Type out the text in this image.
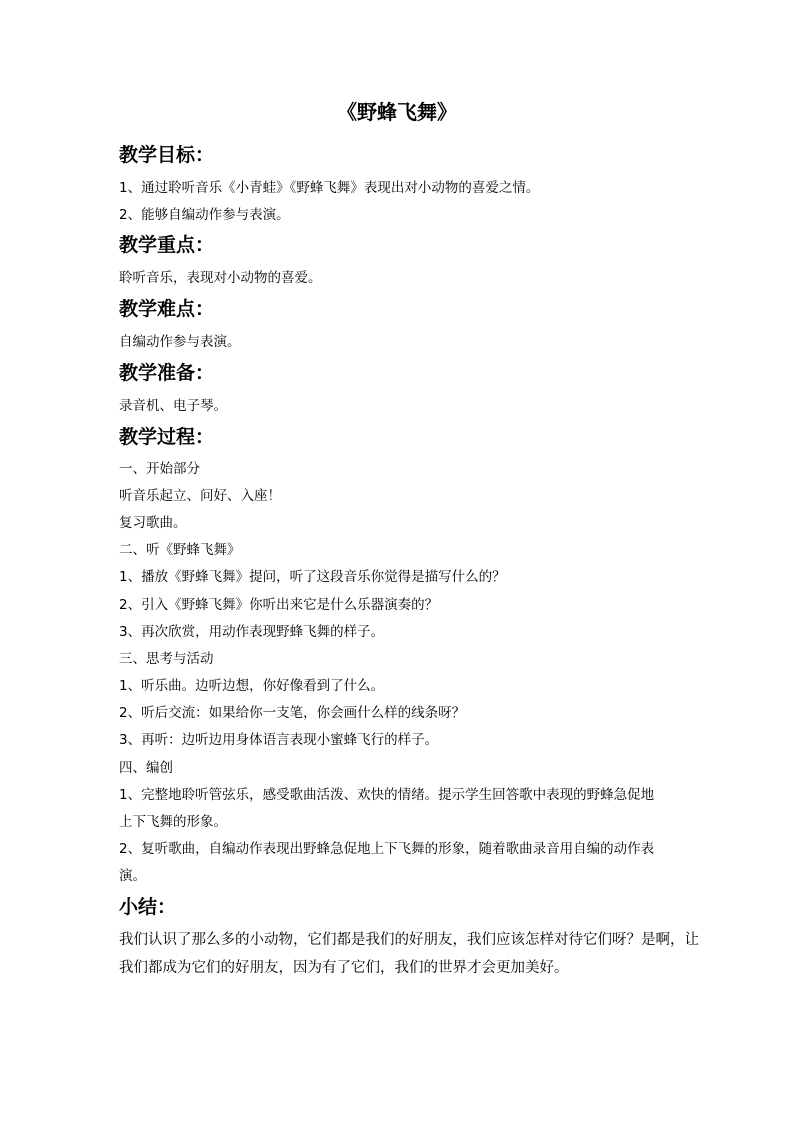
《野蜂飞舞》
教学目标：
1、通过聆听音乐《小青蛙》《野蜂飞舞》表现出对小动物的喜爱之情。
2、能够自编动作参与表演。
教学重点：
聆听音乐，表现对小动物的喜爱。
教学难点：
自编动作参与表演。
教学准备：
录音机、电子琴。
教学过程：
一、开始部分
听音乐起立、问好、入座！
复习歌曲。
二、听《野蜂飞舞》
1、播放《野蜂飞舞》提问，听了这段音乐你觉得是描写什么的？
2、引入《野蜂飞舞》你听出来它是什么乐器演奏的？
3、再次欣赏，用动作表现野蜂飞舞的样子。
三、思考与活动
1、听乐曲。边听边想，你好像看到了什么。
2、听后交流：如果给你一支笔，你会画什么样的线条呀？
3、再听：边听边用身体语言表现小蜜蜂飞行的样子。
四、编创
1、完整地聆听管弦乐，感受歌曲活泼、欢快的情绪。提示学生回答歌中表现的野蜂急促地
上下飞舞的形象。
2、复听歌曲，自编动作表现出野蜂急促地上下飞舞的形象，随着歌曲录音用自编的动作表
演。
小结：
我们认识了那么多的小动物，它们都是我们的好朋友，我们应该怎样对待它们呀？是啊，让
我们都成为它们的好朋友，因为有了它们，我们的世界才会更加美好。
